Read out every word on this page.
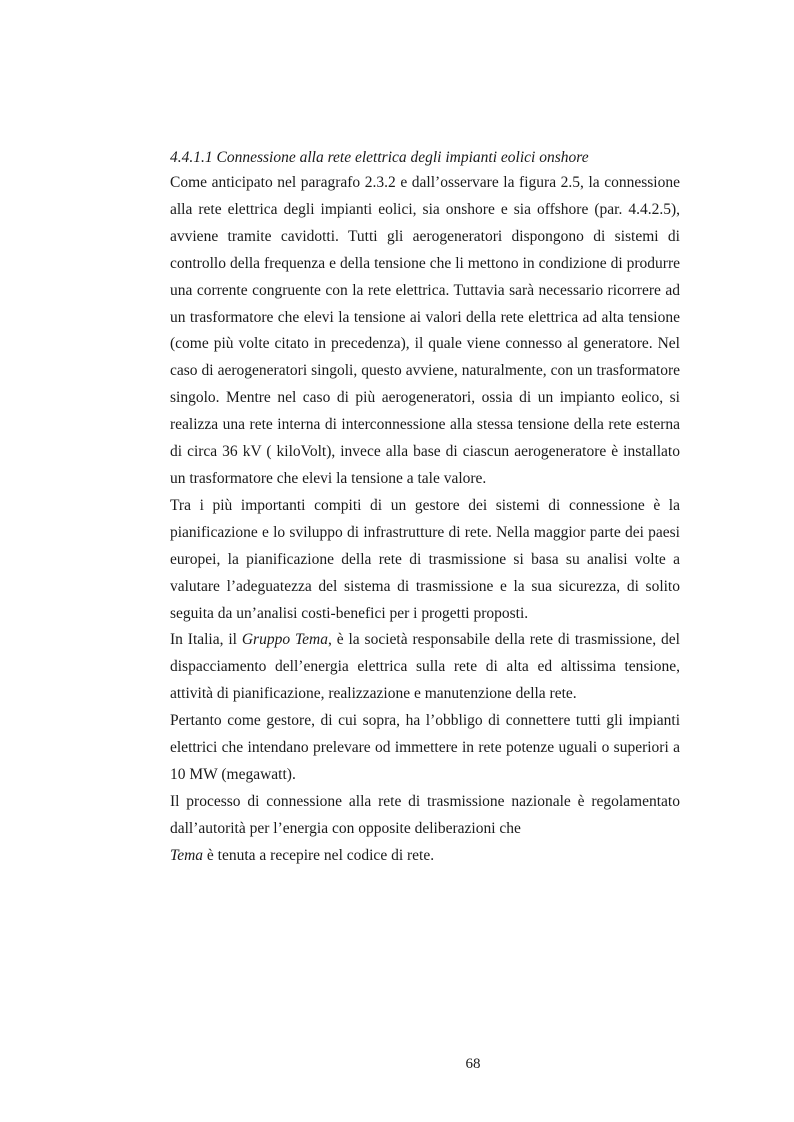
4.4.1.1 Connessione alla rete elettrica degli impianti eolici onshore

Come anticipato nel paragrafo 2.3.2 e dall’osservare la figura 2.5, la connessione alla rete elettrica degli impianti eolici, sia onshore e sia offshore (par. 4.4.2.5), avviene tramite cavidotti. Tutti gli aerogeneratori dispongono di sistemi di controllo della frequenza e della tensione che li mettono in condizione di produrre una corrente congruente con la rete elettrica. Tuttavia sarà necessario ricorrere ad un trasformatore che elevi la tensione ai valori della rete elettrica ad alta tensione (come più volte citato in precedenza), il quale viene connesso al generatore. Nel caso di aerogeneratori singoli, questo avviene, naturalmente, con un trasformatore singolo. Mentre nel caso di più aerogeneratori, ossia di un impianto eolico, si realizza una rete interna di interconnessione alla stessa tensione della rete esterna di circa 36 kV ( kiloVolt), invece alla base di ciascun aerogeneratore è installato un trasformatore che elevi la tensione a tale valore.

Tra i più importanti compiti di un gestore dei sistemi di connessione è la pianificazione e lo sviluppo di infrastrutture di rete. Nella maggior parte dei paesi europei, la pianificazione della rete di trasmissione si basa su analisi volte a valutare l’adeguatezza del sistema di trasmissione e la sua sicurezza, di solito seguita da un’analisi costi-benefici per i progetti proposti.

In Italia, il Gruppo Tema, è la società responsabile della rete di trasmissione, del dispacciamento dell’energia elettrica sulla rete di alta ed altissima tensione, attività di pianificazione, realizzazione e manutenzione della rete.

Pertanto come gestore, di cui sopra, ha l’obbligo di connettere tutti gli impianti elettrici che intendano prelevare od immettere in rete potenze uguali o superiori a 10 MW (megawatt).

Il processo di connessione alla rete di trasmissione nazionale è regolamentato dall’autorità per l’energia con opposite deliberazioni che

Tema è tenuta a recepire nel codice di rete.

68
